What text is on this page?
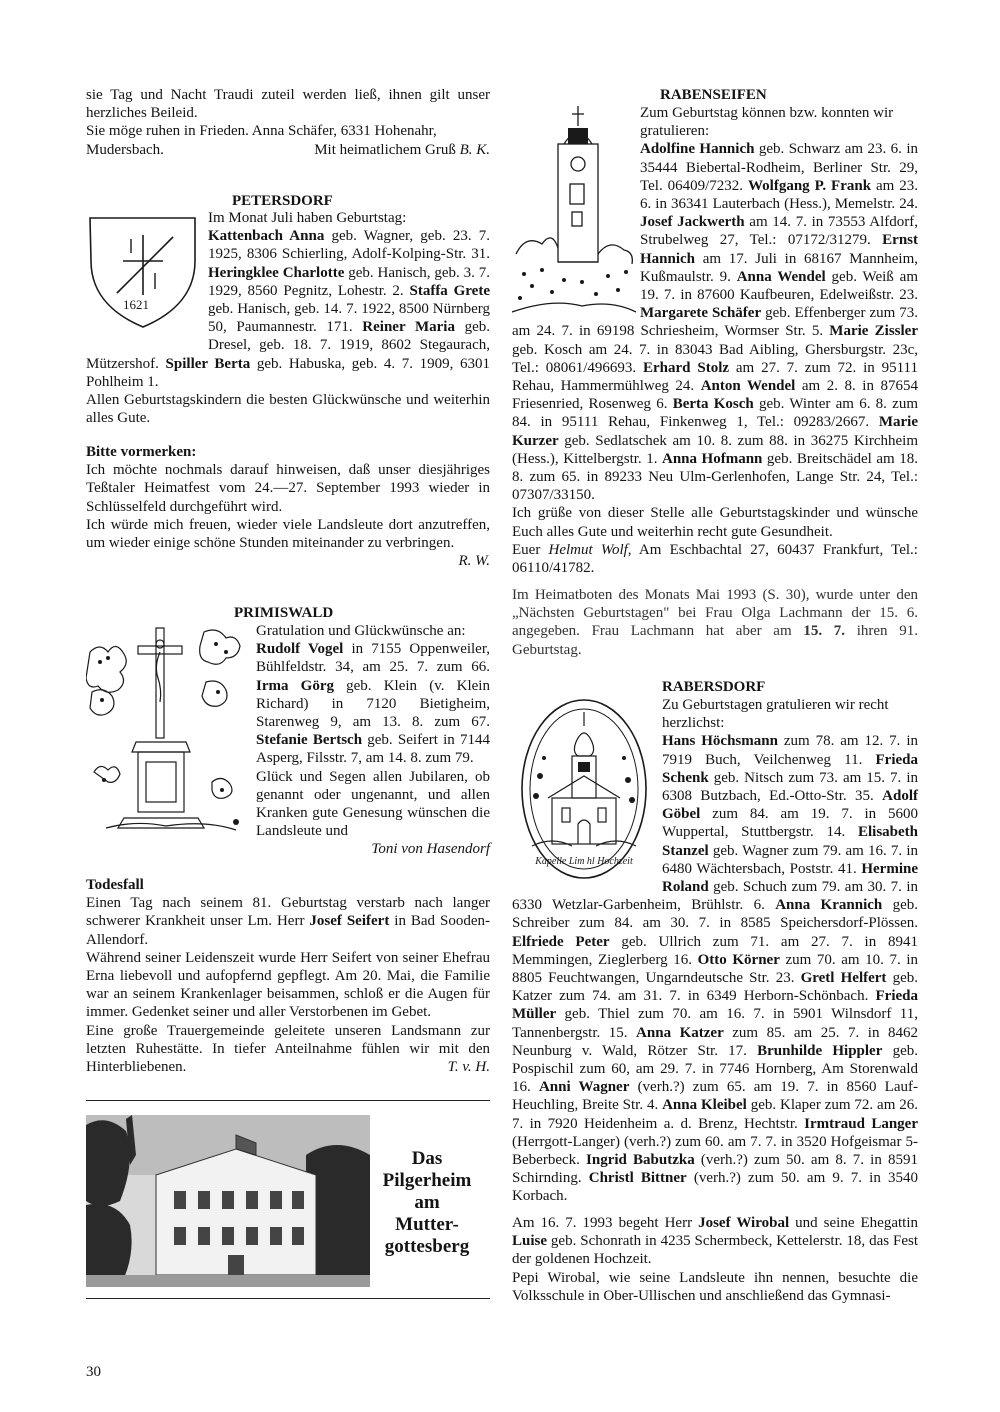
sie Tag und Nacht Traudi zuteil werden ließ, ihnen gilt unser herzliches Beileid.

Sie möge ruhen in Frieden. Anna Schäfer, 6331 Hohenahr, Mudersbach.	Mit heimatlichem Gruß B. K.

1621
PETERSDORF

Im Monat Juli haben Geburtstag:

Kattenbach Anna geb. Wagner, geb. 23. 7. 1925, 8306 Schierling, Adolf-Kolping-Str. 31. Heringklee Charlotte geb. Hanisch, geb. 3. 7. 1929, 8560 Pegnitz, Lohestr. 2. Staffa Grete geb. Hanisch, geb. 14. 7. 1922, 8500 Nürnberg 50, Paumannestr. 171. Reiner Maria geb. Dresel, geb. 18. 7. 1919, 8602 Stegaurach, Mützershof. Spiller Berta geb. Habuska, geb. 4. 7. 1909, 6301 Pohlheim 1.

Allen Geburtstagskindern die besten Glückwünsche und weiterhin alles Gute.

Bitte vormerken:

Ich möchte nochmals darauf hinweisen, daß unser diesjähriges Teßtaler Heimatfest vom 24.—27. September 1993 wieder in Schlüsselfeld durchgeführt wird.

Ich würde mich freuen, wieder viele Landsleute dort anzutreffen, um wieder einige schöne Stunden miteinander zu verbringen.

R. W.

PRIMISWALD

Gratulation und Glückwünsche an:

Rudolf Vogel in 7155 Oppenweiler, Bühlfeldstr. 34, am 25. 7. zum 66. Irma Görg geb. Klein (v. Klein Richard) in 7120 Bietigheim, Starenweg 9, am 13. 8. zum 67. Stefanie Bertsch geb. Seifert in 7144 Asperg, Filsstr. 7, am 14. 8. zum 79.

Glück und Segen allen Jubilaren, ob genannt oder ungenannt, und allen Kranken gute Genesung wünschen die Landsleute und

Toni von Hasendorf

Todesfall

Einen Tag nach seinem 81. Geburtstag verstarb nach langer schwerer Krankheit unser Lm. Herr Josef Seifert in Bad Sooden-Allendorf.

Während seiner Leidenszeit wurde Herr Seifert von seiner Ehefrau Erna liebevoll und aufopfernd gepflegt. Am 20. Mai, die Familie war an seinem Krankenlager beisammen, schloß er die Augen für immer. Gedenket seiner und aller Verstorbenen im Gebet.

Eine große Trauergemeinde geleitete unseren Landsmann zur letzten Ruhestätte. In tiefer Anteilnahme fühlen wir mit den Hinterbliebenen.	T. v. H.

Das
Pilgerheim
am
Mutter-
gottesberg
30
RABENSEIFEN

Zum Geburtstag können bzw. konnten wir gratulieren:

Adolfine Hannich geb. Schwarz am 23. 6. in 35444 Biebertal-Rodheim, Berliner Str. 29, Tel. 06409/7232. Wolfgang P. Frank am 23. 6. in 36341 Lauterbach (Hess.), Memelstr. 24. Josef Jackwerth am 14. 7. in 73553 Alfdorf, Strubelweg 27, Tel.: 07172/31279. Ernst Hannich am 17. Juli in 68167 Mannheim, Kußmaulstr. 9. Anna Wendel geb. Weiß am 19. 7. in 87600 Kaufbeuren, Edelweißstr. 23. Margarete Schäfer geb. Effenberger zum 73. am 24. 7. in 69198 Schriesheim, Wormser Str. 5. Marie Zissler geb. Kosch am 24. 7. in 83043 Bad Aibling, Ghersburgstr. 23c, Tel.: 08061/496693. Erhard Stolz am 27. 7. zum 72. in 95111 Rehau, Hammermühlweg 24. Anton Wendel am 2. 8. in 87654 Friesenried, Rosenweg 6. Berta Kosch geb. Winter am 6. 8. zum 84. in 95111 Rehau, Finkenweg 1, Tel.: 09283/2667. Marie Kurzer geb. Sedlatschek am 10. 8. zum 88. in 36275 Kirchheim (Hess.), Kittelbergstr. 1. Anna Hofmann geb. Breitschädel am 18. 8. zum 65. in 89233 Neu Ulm-Gerlenhofen, Lange Str. 24, Tel.: 07307/33150.

Ich grüße von dieser Stelle alle Geburtstagskinder und wünsche Euch alles Gute und weiterhin recht gute Gesundheit.

Euer Helmut Wolf, Am Eschbachtal 27, 60437 Frankfurt, Tel.: 06110/41782.

Im Heimatboten des Monats Mai 1993 (S. 30), wurde unter den „Nächsten Geburtstagen" bei Frau Olga Lachmann der 15. 6. angegeben. Frau Lachmann hat aber am 15. 7. ihren 91. Geburtstag.

Kapelle Lim hl Hochzeit
RABERSDORF

Zu Geburtstagen gratulieren wir recht herzlichst:

Hans Höchsmann zum 78. am 12. 7. in 7919 Buch, Veilchenweg 11. Frieda Schenk geb. Nitsch zum 73. am 15. 7. in 6308 Butzbach, Ed.-Otto-Str. 35. Adolf Göbel zum 84. am 19. 7. in 5600 Wuppertal, Stuttbergstr. 14. Elisabeth Stanzel geb. Wagner zum 79. am 16. 7. in 6480 Wächtersbach, Poststr. 41. Hermine Roland geb. Schuch zum 79. am 30. 7. in 6330 Wetzlar-Garbenheim, Brühlstr. 6. Anna Krannich geb. Schreiber zum 84. am 30. 7. in 8585 Speichersdorf-Plössen. Elfriede Peter geb. Ullrich zum 71. am 27. 7. in 8941 Memmingen, Zieglerberg 16. Otto Körner zum 70. am 10. 7. in 8805 Feuchtwangen, Ungarndeutsche Str. 23. Gretl Helfert geb. Katzer zum 74. am 31. 7. in 6349 Herborn-Schönbach. Frieda Müller geb. Thiel zum 70. am 16. 7. in 5901 Wilnsdorf 11, Tannenbergstr. 15. Anna Katzer zum 85. am 25. 7. in 8462 Neunburg v. Wald, Rötzer Str. 17. Brunhilde Hippler geb. Pospischil zum 60, am 29. 7. in 7746 Hornberg, Am Storenwald 16. Anni Wagner (verh.?) zum 65. am 19. 7. in 8560 Lauf-Heuchling, Breite Str. 4. Anna Kleibel geb. Klaper zum 72. am 26. 7. in 7920 Heidenheim a. d. Brenz, Hechtstr. Irmtraud Langer (Herrgott-Langer) (verh.?) zum 60. am 7. 7. in 3520 Hofgeismar 5-Beberbeck. Ingrid Babutzka (verh.?) zum 50. am 8. 7. in 8591 Schirnding. Christl Bittner (verh.?) zum 50. am 9. 7. in 3540 Korbach.

Am 16. 7. 1993 begeht Herr Josef Wirobal und seine Ehegattin Luise geb. Schonrath in 4235 Schermbeck, Kettelerstr. 18, das Fest der goldenen Hochzeit.

Pepi Wirobal, wie seine Landsleute ihn nennen, besuchte die Volksschule in Ober-Ullischen und anschließend das Gymnasi-
